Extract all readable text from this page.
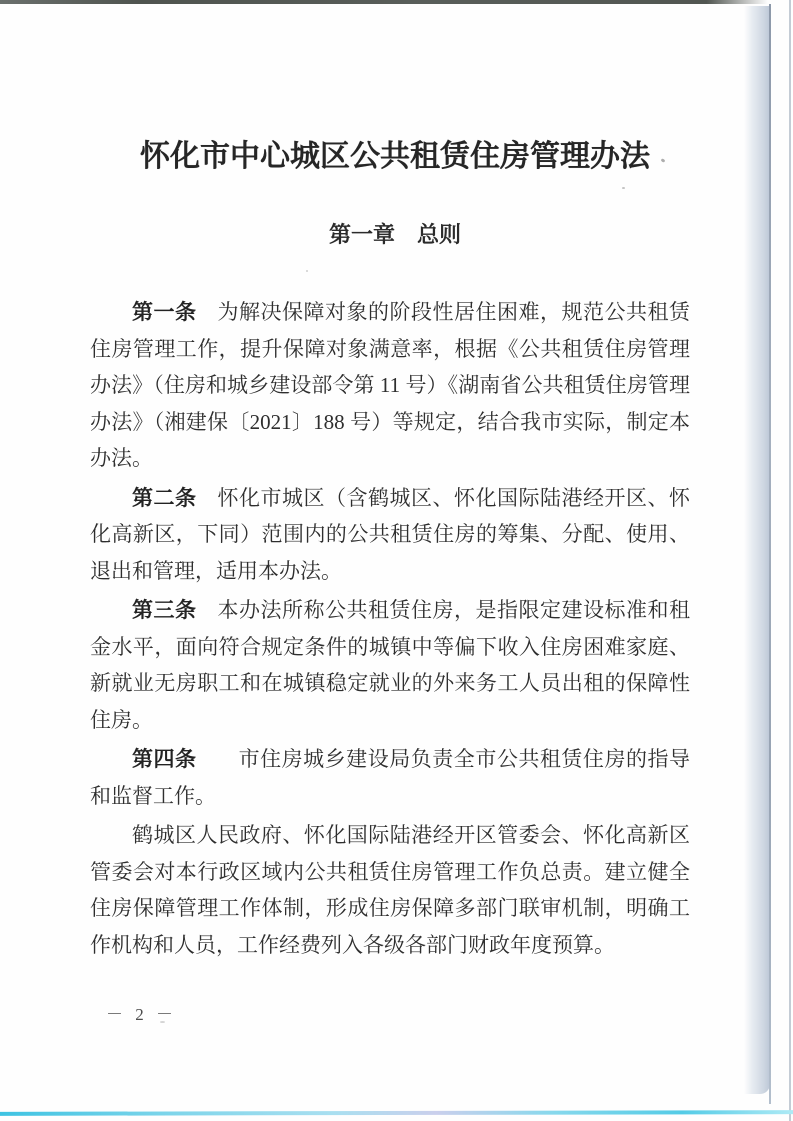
怀化市中心城区公共租赁住房管理办法
第一章　总则

第一条 为解决保障对象的阶段性居住困难，规范公共租赁住房管理工作，提升保障对象满意率，根据《公共租赁住房管理办法》（住房和城乡建设部令第 11 号）《湖南省公共租赁住房管理办法》（湘建保〔2021〕188 号）等规定，结合我市实际，制定本办法。

第二条 怀化市城区（含鹤城区、怀化国际陆港经开区、怀化高新区，下同）范围内的公共租赁住房的筹集、分配、使用、退出和管理，适用本办法。

第三条 本办法所称公共租赁住房，是指限定建设标准和租金水平，面向符合规定条件的城镇中等偏下收入住房困难家庭、新就业无房职工和在城镇稳定就业的外来务工人员出租的保障性住房。

第四条 市住房城乡建设局负责全市公共租赁住房的指导和监督工作。

鹤城区人民政府、怀化国际陆港经开区管委会、怀化高新区管委会对本行政区域内公共租赁住房管理工作负总责。建立健全住房保障管理工作体制，形成住房保障多部门联审机制，明确工作机构和人员，工作经费列入各级各部门财政年度预算。

－ 2 －
